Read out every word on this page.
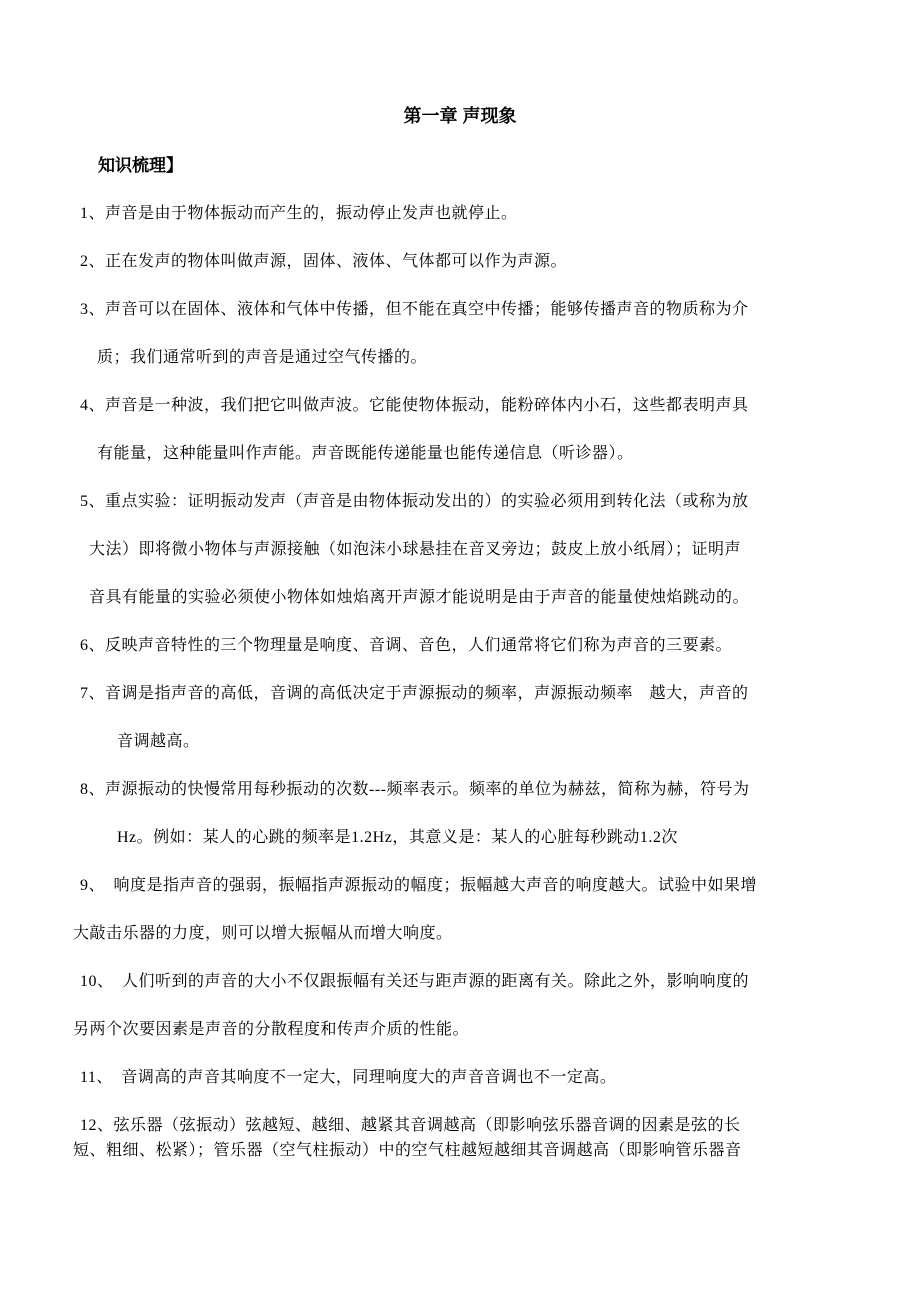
第一章 声现象
知识梳理】
1、声音是由于物体振动而产生的，振动停止发声也就停止。
2、正在发声的物体叫做声源，固体、液体、气体都可以作为声源。
3、声音可以在固体、液体和气体中传播，但不能在真空中传播；能够传播声音的物质称为介
质；我们通常听到的声音是通过空气传播的。
4、声音是一种波，我们把它叫做声波。它能使物体振动，能粉碎体内小石，这些都表明声具
有能量，这种能量叫作声能。声音既能传递能量也能传递信息（听诊器）。
5、重点实验：证明振动发声（声音是由物体振动发出的）的实验必须用到转化法（或称为放
大法）即将微小物体与声源接触（如泡沫小球悬挂在音叉旁边；鼓皮上放小纸屑）；证明声
音具有能量的实验必须使小物体如烛焰离开声源才能说明是由于声音的能量使烛焰跳动的。
6、反映声音特性的三个物理量是响度、音调、音色，人们通常将它们称为声音的三要素。
7、音调是指声音的高低，音调的高低决定于声源振动的频率，声源振动频率　越大，声音的
音调越高。
8、声源振动的快慢常用每秒振动的次数---频率表示。频率的单位为赫兹，简称为赫，符号为
Hz。例如：某人的心跳的频率是1.2Hz，其意义是：某人的心脏每秒跳动1.2次
9、　响度是指声音的强弱，振幅指声源振动的幅度；振幅越大声音的响度越大。试验中如果增
大敲击乐器的力度，则可以增大振幅从而增大响度。
10、　人们听到的声音的大小不仅跟振幅有关还与距声源的距离有关。除此之外，影响响度的
另两个次要因素是声音的分散程度和传声介质的性能。
11、　音调高的声音其响度不一定大，同理响度大的声音音调也不一定高。
12、弦乐器（弦振动）弦越短、越细、越紧其音调越高（即影响弦乐器音调的因素是弦的长
短、粗细、松紧）；管乐器（空气柱振动）中的空气柱越短越细其音调越高（即影响管乐器音
